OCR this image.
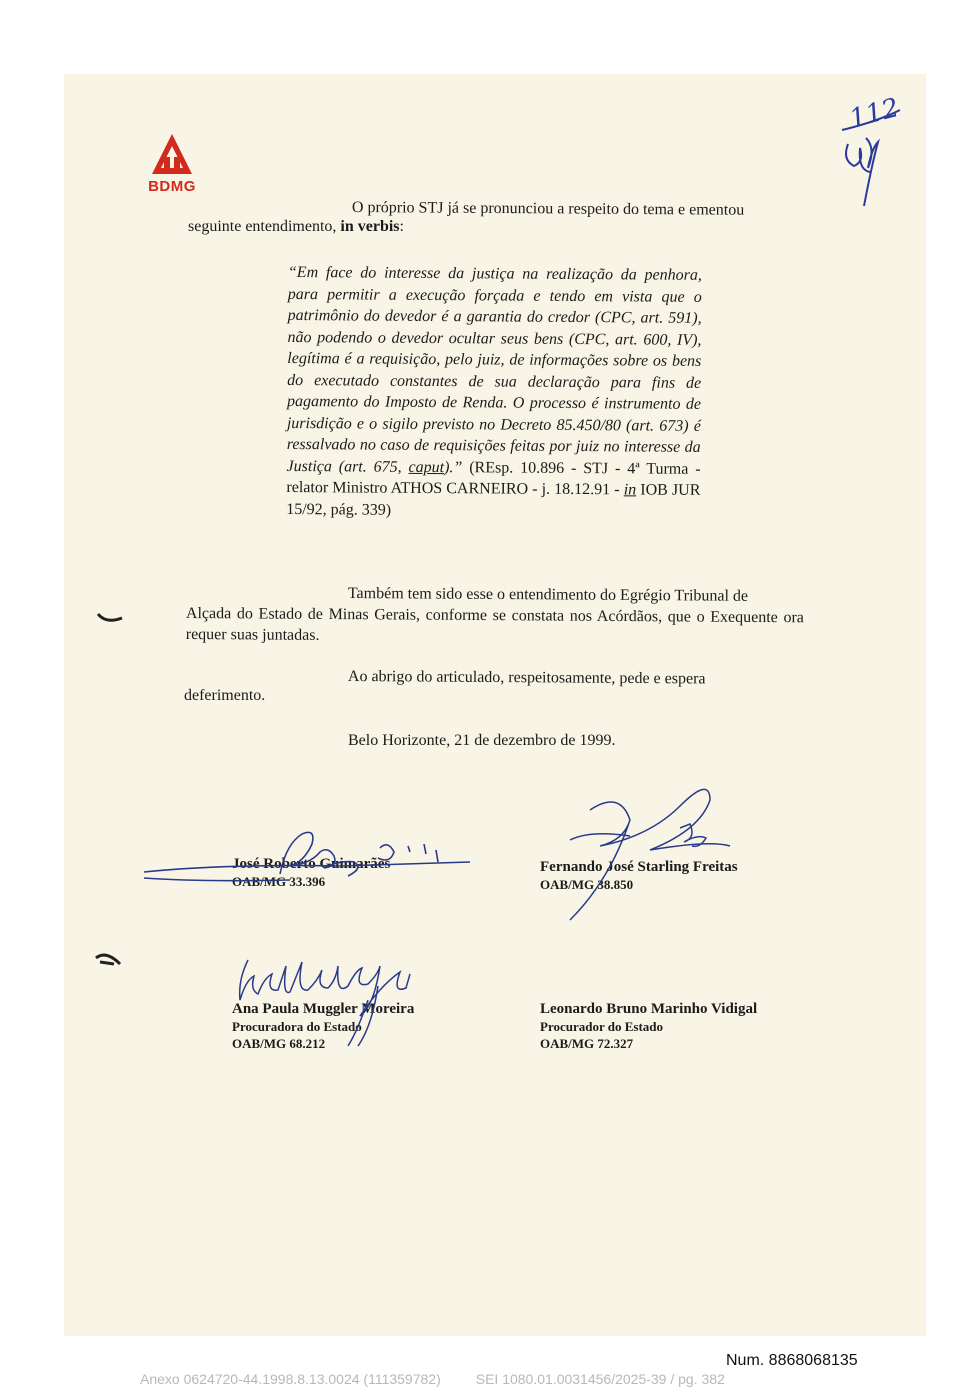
BDMG
112
O próprio STJ já se pronunciou a respeito do tema e ementou
seguinte entendimento, in verbis:
“Em face do interesse da justiça na realização da penhora, para permitir a execução forçada e tendo em vista que o patrimônio do devedor é a garantia do credor (CPC, art. 591), não podendo o devedor ocultar seus bens (CPC, art. 600, IV), legítima é a requisição, pelo juiz, de informações sobre os bens do executado constantes de sua declaração para fins de pagamento do Imposto de Renda. O processo é instrumento de jurisdição e o sigilo previsto no Decreto 85.450/80 (art. 673) é ressalvado no caso de requisições feitas por juiz no interesse da Justiça (art. 675, caput).” (REsp. 10.896 - STJ - 4ª Turma - relator Ministro ATHOS CARNEIRO - j. 18.12.91 - in IOB JUR 15/92, pág. 339)
Também tem sido esse o entendimento do Egrégio Tribunal de
Alçada do Estado de Minas Gerais, conforme se constata nos Acórdãos, que o Exequente ora requer suas juntadas.
Ao abrigo do articulado, respeitosamente, pede e espera
deferimento.
Belo Horizonte, 21 de dezembro de 1999.
José Roberto Guimarães
OAB/MG 33.396
Fernando José Starling Freitas
OAB/MG 38.850
Ana Paula Muggler Moreira
Procuradora do Estado
OAB/MG 68.212
Leonardo Bruno Marinho Vidigal
Procurador do Estado
OAB/MG 72.327
Num. 8868068135
Anexo 0624720-44.1998.8.13.0024 (111359782)         SEI 1080.01.0031456/2025-39 / pg. 382
